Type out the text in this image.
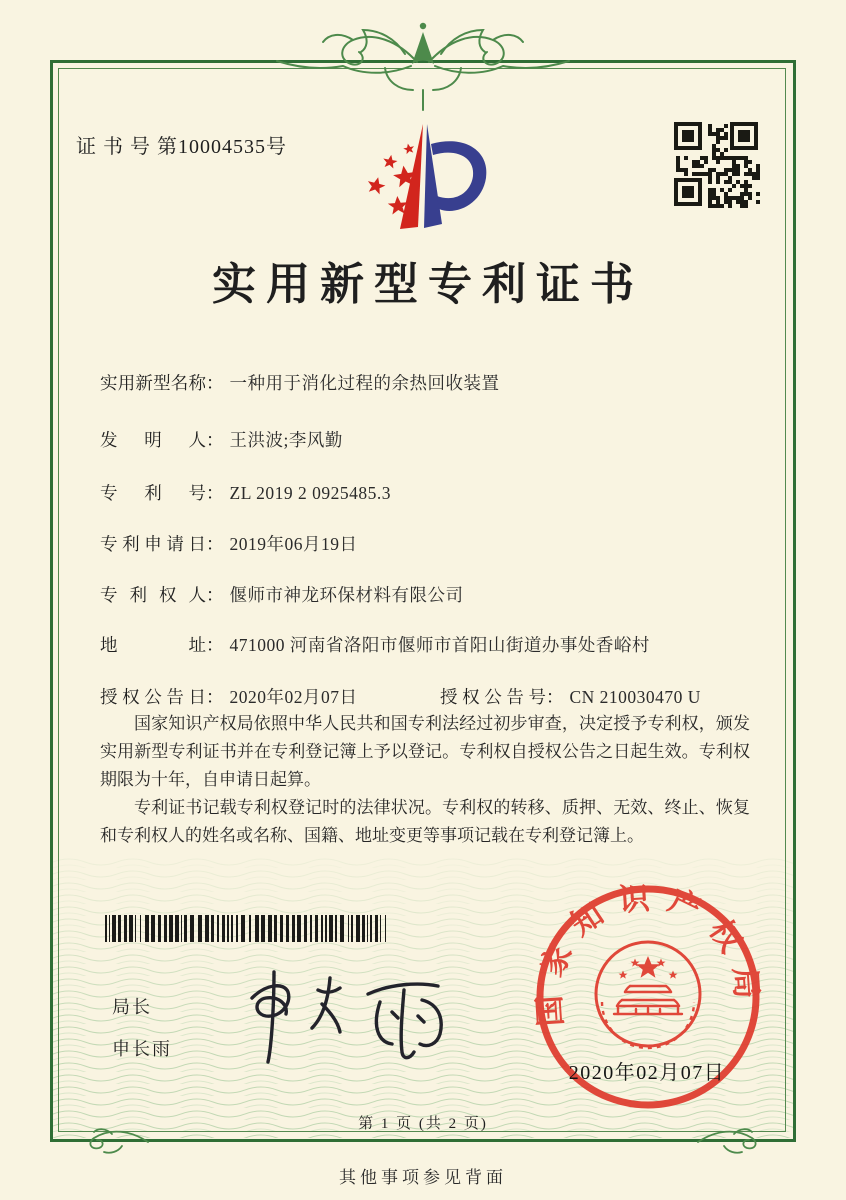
证 书 号 第10004535号
实用新型专利证书
实用新型名称： 一种用于消化过程的余热回收装置
发明人： 王洪波;李风勤
专利号： ZL 2019 2 0925485.3
专利申请日： 2019年06月19日
专利权人： 偃师市神龙环保材料有限公司
地址： 471000 河南省洛阳市偃师市首阳山街道办事处香峪村
授权公告日： 2020年02月07日	授权公告号： CN 210030470 U

国家知识产权局依照中华人民共和国专利法经过初步审查，决定授予专利权，颁发实用新型专利证书并在专利登记簿上予以登记。专利权自授权公告之日起生效。专利权期限为十年，自申请日起算。

专利证书记载专利权登记时的法律状况。专利权的转移、质押、无效、终止、恢复和专利权人的姓名或名称、国籍、地址变更等事项记载在专利登记簿上。

局长
申长雨
国家知识产权局
2020年02月07日
第 1 页 (共 2 页)
其他事项参见背面
